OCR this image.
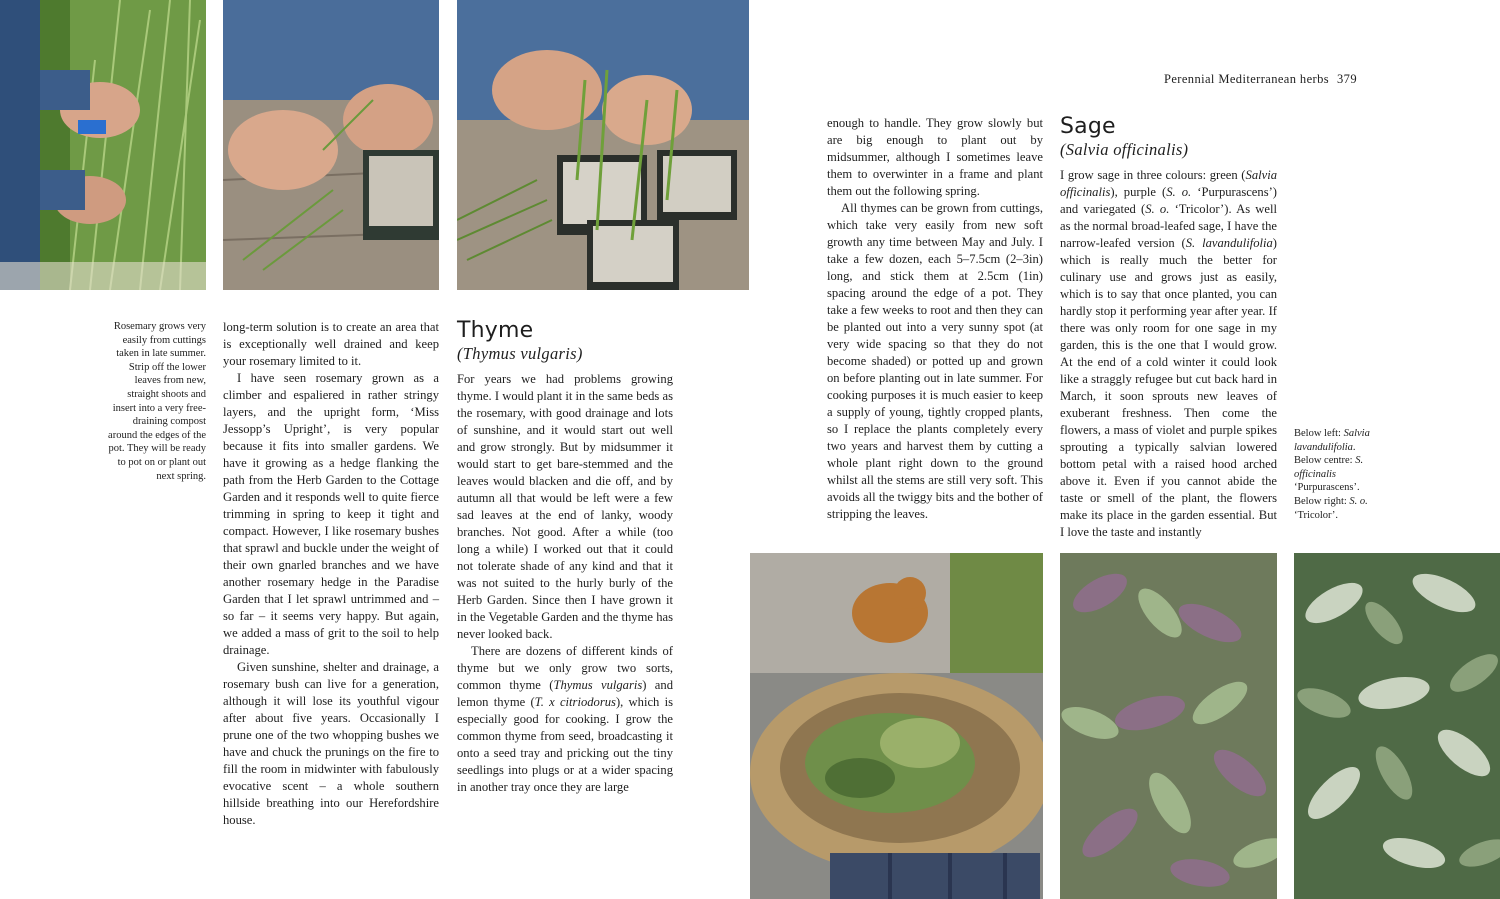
Perennial Mediterranean herbs 379
Rosemary grows very easily from cuttings taken in late summer. Strip off the lower leaves from new, straight shoots and insert into a very free-draining compost around the edges of the pot. They will be ready to pot on or plant out next spring.

long-term solution is to create an area that is exceptionally well drained and keep your rosemary limited to it.

I have seen rosemary grown as a climber and espaliered in rather stringy layers, and the upright form, ‘Miss Jessopp’s Upright’, is very popular because it fits into smaller gardens. We have it growing as a hedge flanking the path from the Herb Garden to the Cottage Garden and it responds well to quite fierce trimming in spring to keep it tight and compact. However, I like rosemary bushes that sprawl and buckle under the weight of their own gnarled branches and we have another rosemary hedge in the Paradise Garden that I let sprawl untrimmed and – so far – it seems very happy. But again, we added a mass of grit to the soil to help drainage.

Given sunshine, shelter and drainage, a rosemary bush can live for a generation, although it will lose its youthful vigour after about five years. Occasionally I prune one of the two whopping bushes we have and chuck the prunings on the fire to fill the room in midwinter with fabulously evocative scent – a whole southern hillside breathing into our Herefordshire house.

Thyme
(Thymus vulgaris)

For years we had problems growing thyme. I would plant it in the same beds as the rosemary, with good drainage and lots of sunshine, and it would start out well and grow strongly. But by midsummer it would start to get bare-stemmed and the leaves would blacken and die off, and by autumn all that would be left were a few sad leaves at the end of lanky, woody branches. Not good. After a while (too long a while) I worked out that it could not tolerate shade of any kind and that it was not suited to the hurly burly of the Herb Garden. Since then I have grown it in the Vegetable Garden and the thyme has never looked back.

There are dozens of different kinds of thyme but we only grow two sorts, common thyme (Thymus vulgaris) and lemon thyme (T. x citriodorus), which is especially good for cooking. I grow the common thyme from seed, broadcasting it onto a seed tray and pricking out the tiny seedlings into plugs or at a wider spacing in another tray once they are large

enough to handle. They grow slowly but are big enough to plant out by midsummer, although I sometimes leave them to overwinter in a frame and plant them out the following spring.

All thymes can be grown from cuttings, which take very easily from new soft growth any time between May and July. I take a few dozen, each 5–7.5cm (2–3in) long, and stick them at 2.5cm (1in) spacing around the edge of a pot. They take a few weeks to root and then they can be planted out into a very sunny spot (at very wide spacing so that they do not become shaded) or potted up and grown on before planting out in late summer. For cooking purposes it is much easier to keep a supply of young, tightly cropped plants, so I replace the plants completely every two years and harvest them by cutting a whole plant right down to the ground whilst all the stems are still very soft. This avoids all the twiggy bits and the bother of stripping the leaves.

Sage
(Salvia officinalis)

I grow sage in three colours: green (Salvia officinalis), purple (S. o. ‘Purpurascens’) and variegated (S. o. ‘Tricolor’). As well as the normal broad-leafed sage, I have the narrow-leafed version (S. lavandulifolia) which is really much the better for culinary use and grows just as easily, which is to say that once planted, you can hardly stop it performing year after year. If there was only room for one sage in my garden, this is the one that I would grow. At the end of a cold winter it could look like a straggly refugee but cut back hard in March, it soon sprouts new leaves of exuberant freshness. Then come the flowers, a mass of violet and purple spikes sprouting a typically salvian lowered bottom petal with a raised hood arched above it. Even if you cannot abide the taste or smell of the plant, the flowers make its place in the garden essential. But I love the taste and instantly

Below left: Salvia lavandulifolia.
Below centre: S. officinalis ‘Purpurascens’.
Below right: S. o. ‘Tricolor’.
